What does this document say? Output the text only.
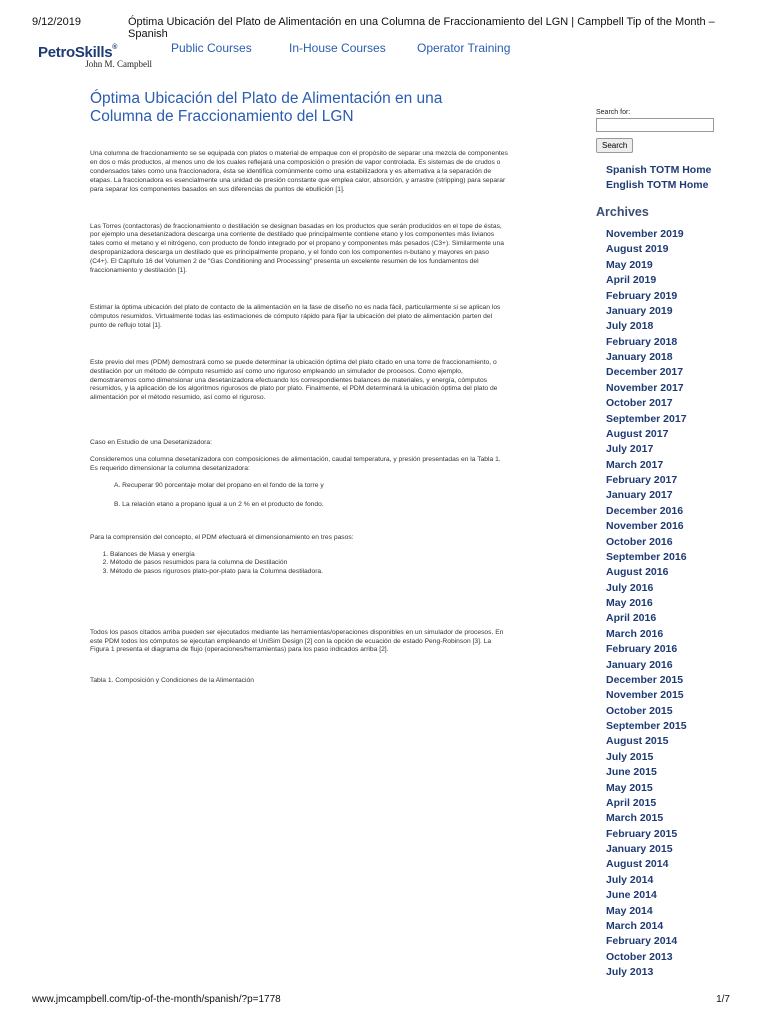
9/12/2019	Óptima Ubicación del Plato de Alimentación en una Columna de Fraccionamiento del LGN | Campbell Tip of the Month – Spanish
PetroSkills®
John M. Campbell
Public Courses	In-House Courses	Operator Training
Óptima Ubicación del Plato de Alimentación en una Columna de Fraccionamiento del LGN

Una columna de fraccionamiento se se equipada con platos o material de empaque con el propósito de separar una mezcla de componentes en dos o más productos, al menos uno de los cuales reflejará una composición o presión de vapor controlada. Es sistemas de de crudos o condensados tales como una fraccionadora, ésta se identifica comúnmente como una estabilizadora y es alternativa a la separación de etapas. La fraccionadora es esencialmente una unidad de presión constante que emplea calor, absorción, y arrastre (stripping) para separar para separar los componentes basados en sus diferencias de puntos de ebullición [1].

Las Torres (contactoras) de fraccionamiento o destilación se designan basadas en los productos que serán producidos en el tope de éstas, por ejemplo una desetanizadora descarga una corriente de destilado que principalmente contiene etano y los componentes más livianos tales como el metano y el nitrógeno, con producto de fondo integrado por el propano y componentes más pesados (C3+). Similarmente una despropanizadora descarga un destilado que es principalmente propano, y el fondo con los componentes n-butano y mayores en paso (C4+). El Capítulo 16 del Volumen 2 de "Gas Conditioning and Processing" presenta un excelente resumen de los fundamentos del fraccionamiento y destilación [1].

Estimar la óptima ubicación del plato de contacto de la alimentación en la fase de diseño no es nada fácil, particularmente si se aplican los cómputos resumidos. Virtualmente todas las estimaciones de cómputo rápido para fijar la ubicación del plato de alimentación parten del punto de reflujo total [1].

Este previo del mes (PDM) demostrará como se puede determinar la ubicación óptima del plato citado en una torre de fraccionamiento, o destilación por un método de cómputo resumido así como uno riguroso empleando un simulador de procesos. Como ejemplo, demostraremos como dimensionar una desetanizadora efectuando los correspondientes balances de materiales, y energía, cómputos resumidos, y la aplicación de los algoritmos rigurosos de plato por plato. Finalmente, el PDM determinará la ubicación óptima del plato de alimentación por el método resumido, así como el riguroso.

Caso en Estudio de una Desetanizadora:

Consideremos una columna desetanizadora con composiciones de alimentación, caudal temperatura, y presión presentadas en la Tabla 1. Es requerido dimensionar la columna desetanizadora:

A. Recuperar 90 porcentaje molar del propano en el fondo de la torre y
B. La relación etano a propano igual a un 2 % en el producto de fondo.

Para la comprensión del concepto, el PDM efectuará el dimensionamiento en tres pasos:

1. Balances de Masa y energía
2. Método de pasos resumidos para la columna de Destilación
3. Método de pasos rigurosos plato-por-plato para la Columna destiladora.

Todos los pasos citados arriba pueden ser ejecutados mediante las herramientas/operaciones disponibles en un simulador de procesos. En este PDM todos los cómputos se ejecutan empleando el UniSim Design [2] con la opción de ecuación de estado Peng-Robinson [3]. La Figura 1 presenta el diagrama de flujo (operaciones/herramientas) para los paso indicados arriba [2].

Tabla 1. Composición y Condiciones de la Alimentación

Search for:
Search
Spanish TOTM Home
English TOTM Home
Archives
November 2019
August 2019
May 2019
April 2019
February 2019
January 2019
July 2018
February 2018
January 2018
December 2017
November 2017
October 2017
September 2017
August 2017
July 2017
March 2017
February 2017
January 2017
December 2016
November 2016
October 2016
September 2016
August 2016
July 2016
May 2016
April 2016
March 2016
February 2016
January 2016
December 2015
November 2015
October 2015
September 2015
August 2015
July 2015
June 2015
May 2015
April 2015
March 2015
February 2015
January 2015
August 2014
July 2014
June 2014
May 2014
March 2014
February 2014
October 2013
July 2013
www.jmcampbell.com/tip-of-the-month/spanish/?p=1778	1/7
